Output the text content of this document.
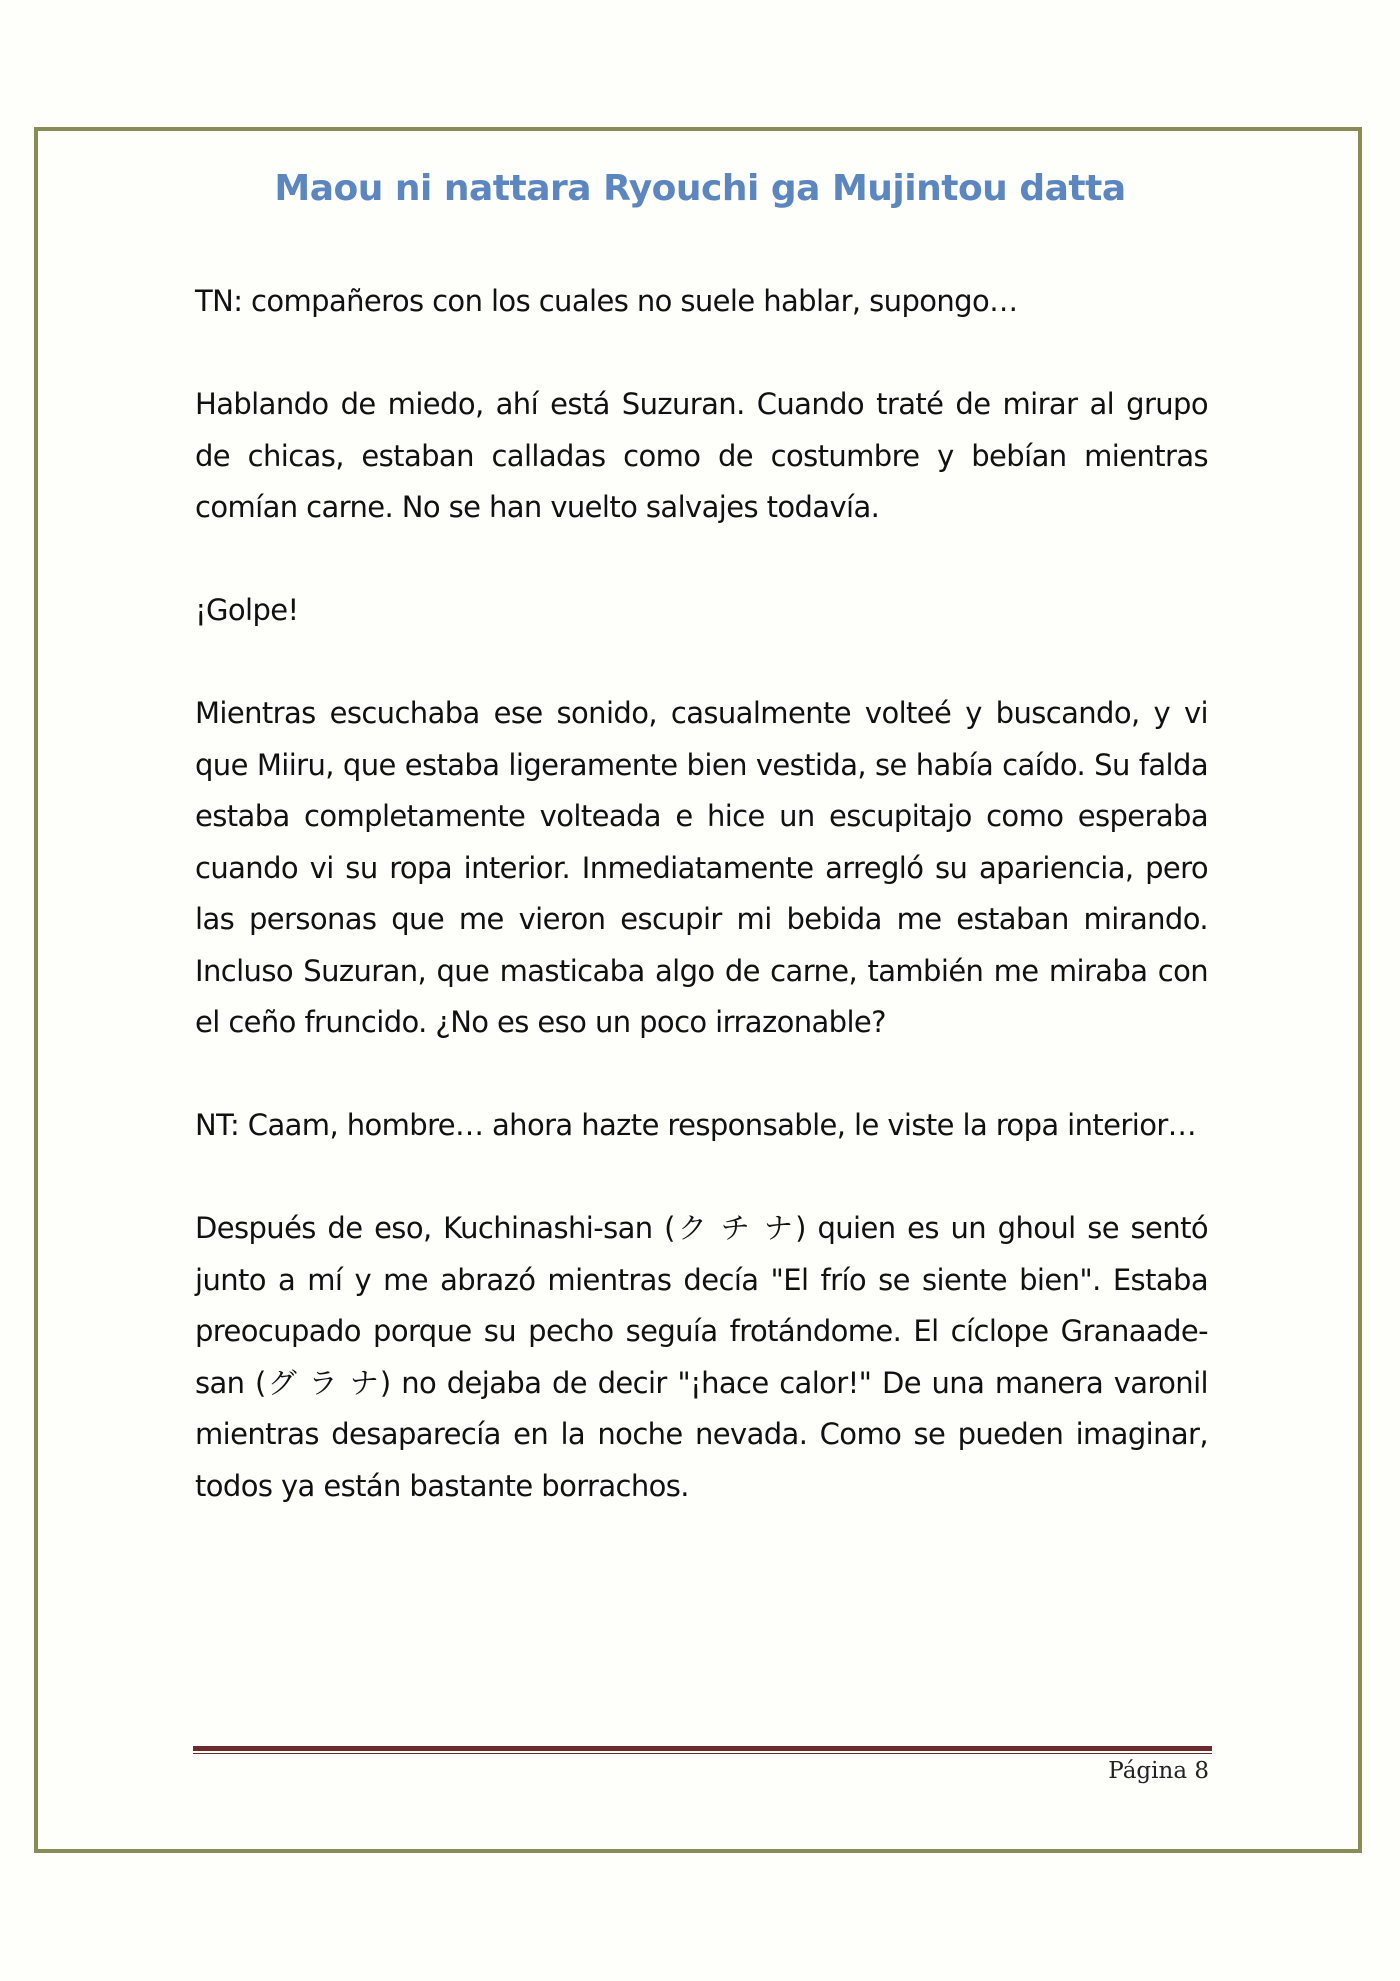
Maou ni nattara Ryouchi ga Mujintou datta

TN: compañeros con los cuales no suele hablar, supongo…

Hablando de miedo, ahí está Suzuran. Cuando traté de mirar al grupo de chicas, estaban calladas como de costumbre y bebían mientras comían carne. No se han vuelto salvajes todavía.

¡Golpe!

Mientras escuchaba ese sonido, casualmente volteé y buscando, y vi que Miiru, que estaba ligeramente bien vestida, se había caído. Su falda estaba completamente volteada e hice un escupitajo como esperaba cuando vi su ropa interior. Inmediatamente arregló su apariencia, pero las personas que me vieron escupir mi bebida me estaban mirando. Incluso Suzuran, que masticaba algo de carne, también me miraba con el ceño fruncido. ¿No es eso un poco irrazonable?

NT: Caam, hombre… ahora hazte responsable, le viste la ropa interior…

Después de eso, Kuchinashi-san (ク チ ナ) quien es un ghoul se sentó junto a mí y me abrazó mientras decía "El frío se siente bien". Estaba preocupado porque su pecho seguía frotándome. El cíclope Granaade-san (グ ラ ナ) no dejaba de decir "¡hace calor!" De una manera varonil mientras desaparecía en la noche nevada. Como se pueden imaginar, todos ya están bastante borrachos.

Página 8
